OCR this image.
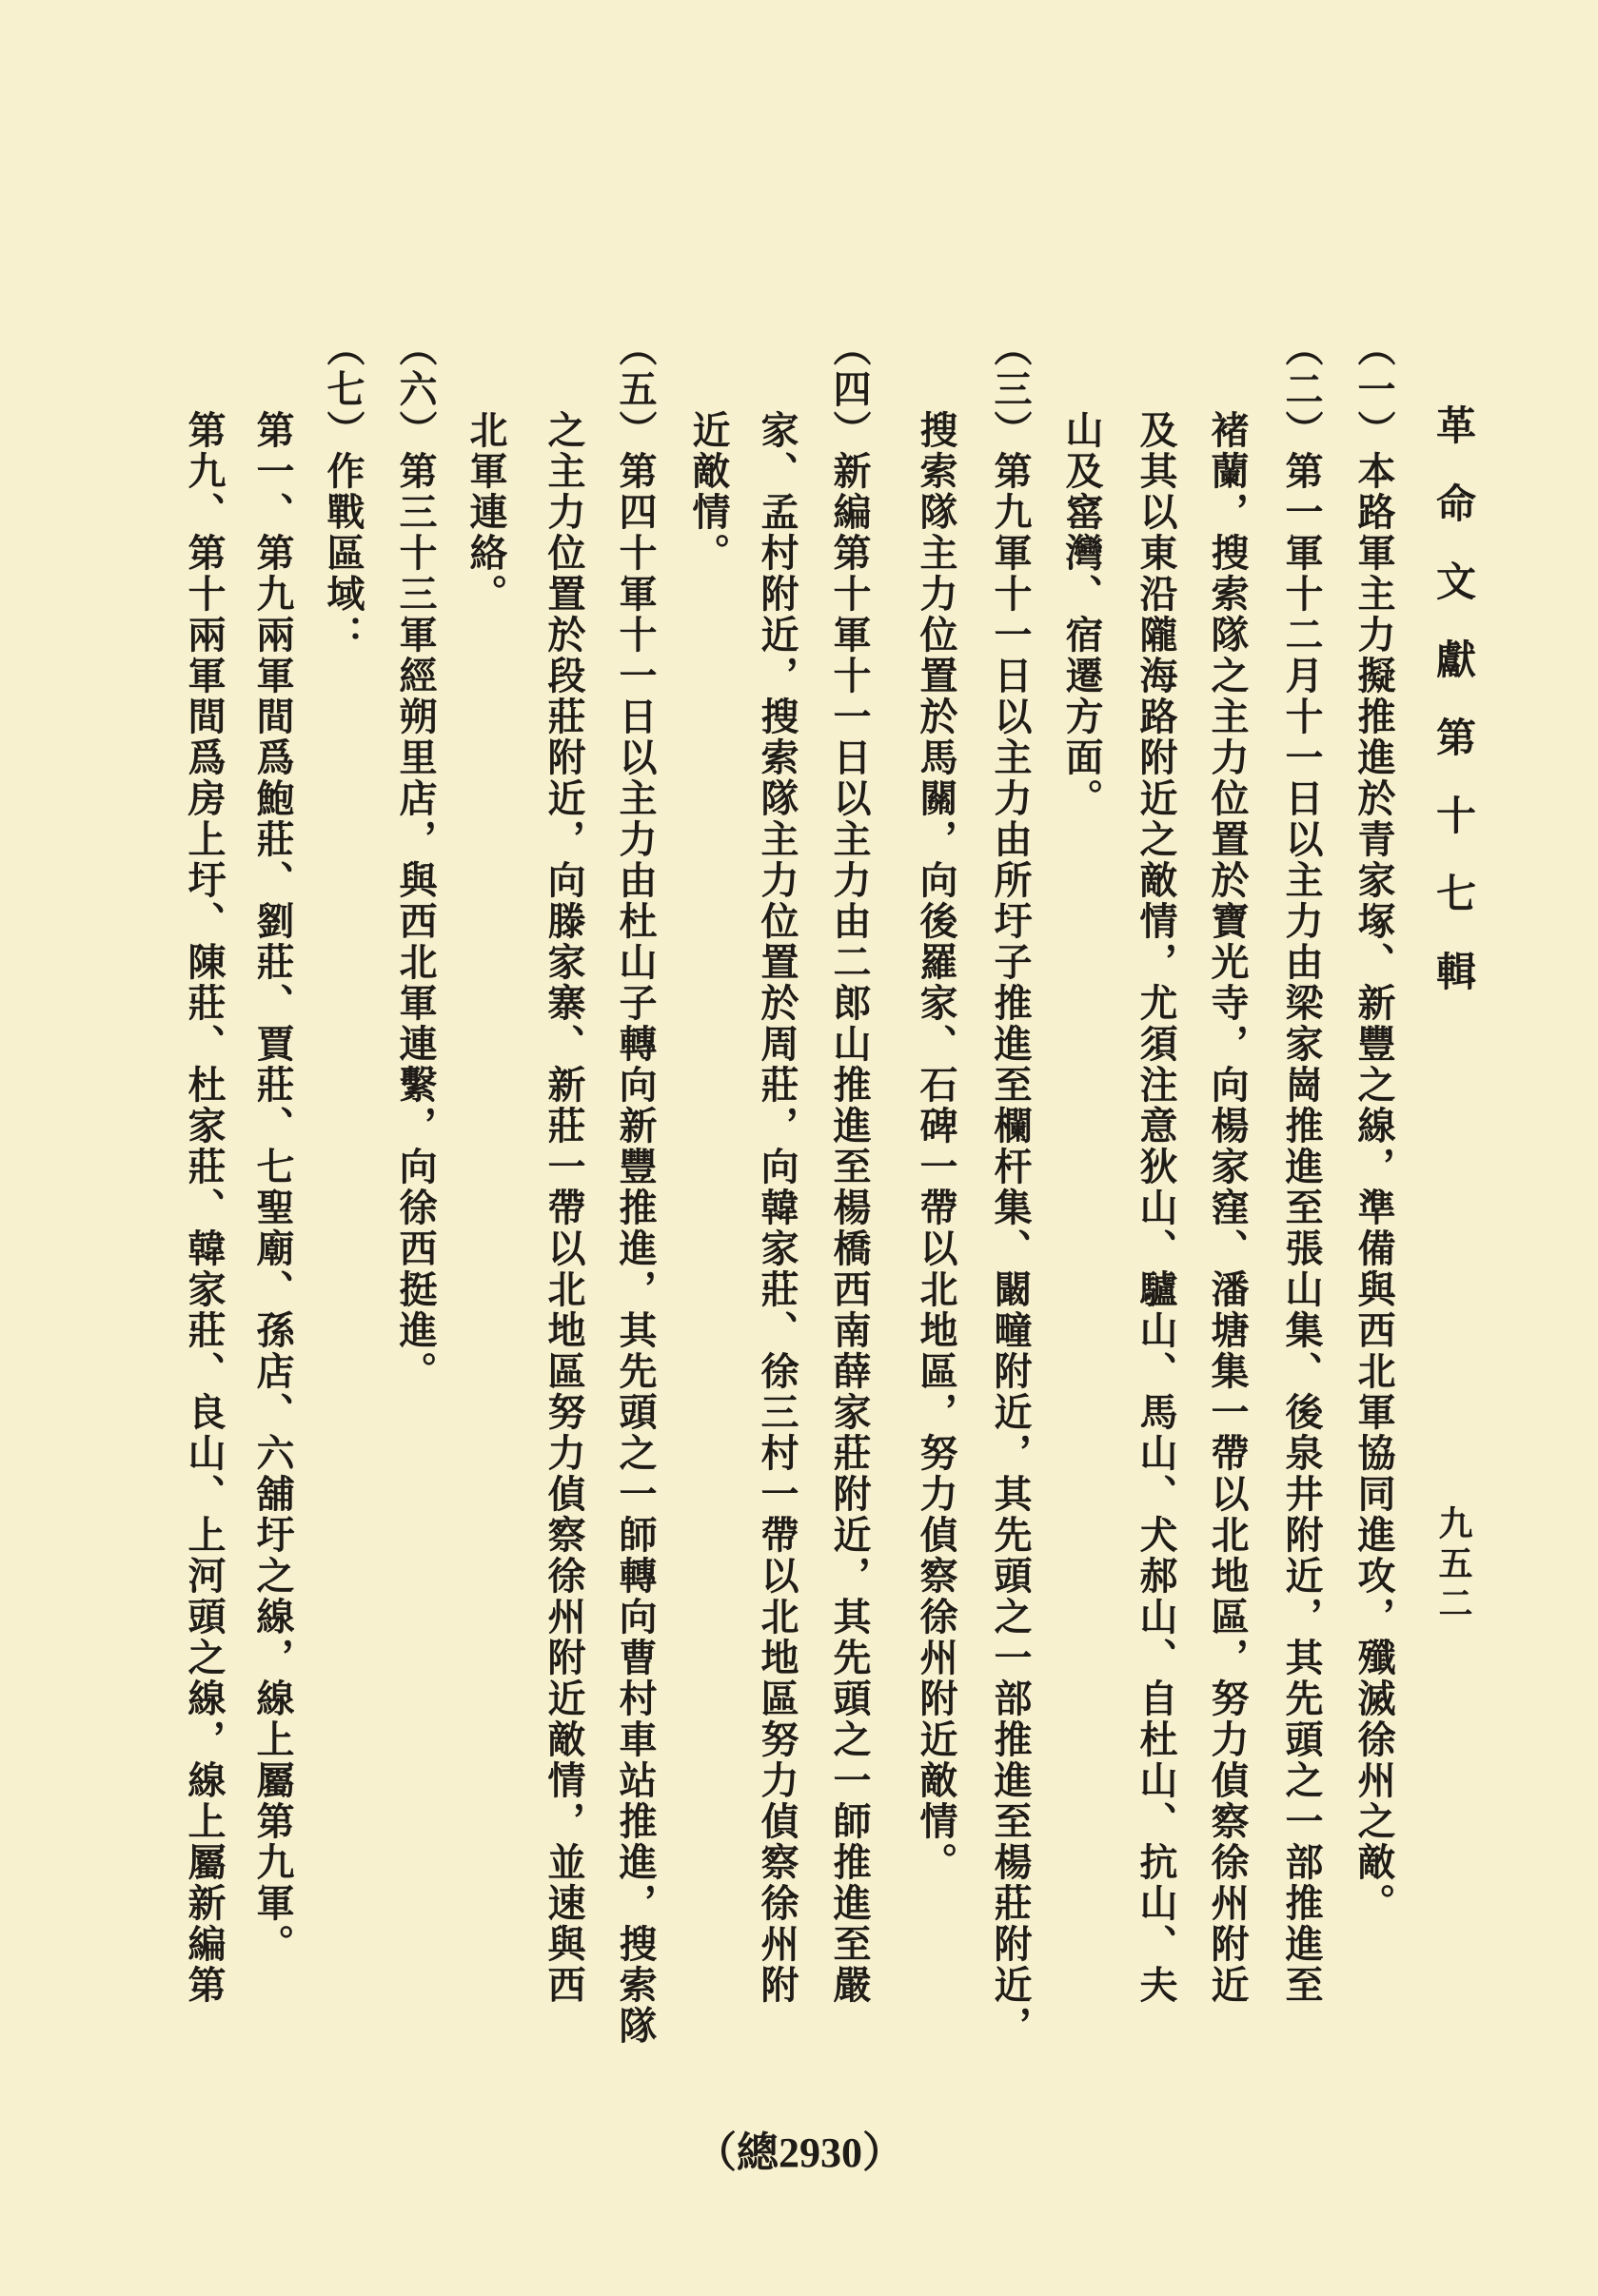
革命文獻第十七輯
九五二
（一）本路軍主力擬推進於青家塚、新豐之線，準備與西北軍協同進攻，殲滅徐州之敵。
（二）第一軍十二月十一日以主力由梁家崗推進至張山集、後泉井附近，其先頭之一部推進至
褚蘭，搜索隊之主力位置於寶光寺，向楊家窪、潘塘集一帶以北地區，努力偵察徐州附近
及其以東沿隴海路附近之敵情，尤須注意狄山、驢山、馬山、犬郝山、自杜山、抗山、夫
山及窰灣、宿遷方面。
（三）第九軍十一日以主力由所圩子推進至欄杆集、闞疃附近，其先頭之一部推進至楊莊附近，
搜索隊主力位置於馬關，向後羅家、石碑一帶以北地區，努力偵察徐州附近敵情。
（四）新編第十軍十一日以主力由二郎山推進至楊橋西南薛家莊附近，其先頭之一師推進至嚴
家、孟村附近，搜索隊主力位置於周莊，向韓家莊、徐三村一帶以北地區努力偵察徐州附
近敵情。
（五）第四十軍十一日以主力由杜山子轉向新豐推進，其先頭之一師轉向曹村車站推進，搜索隊
之主力位置於段莊附近，向滕家寨、新莊一帶以北地區努力偵察徐州附近敵情，並速與西
北軍連絡。
（六）第三十三軍經朔里店，與西北軍連繫，向徐西挺進。
（七）作戰區域：
第一、第九兩軍間爲鮑莊、劉莊、賈莊、七聖廟、孫店、六舖圩之線，線上屬第九軍。
第九、第十兩軍間爲房上圩、陳莊、杜家莊、韓家莊、良山、上河頭之線，線上屬新編第
（總2930）
